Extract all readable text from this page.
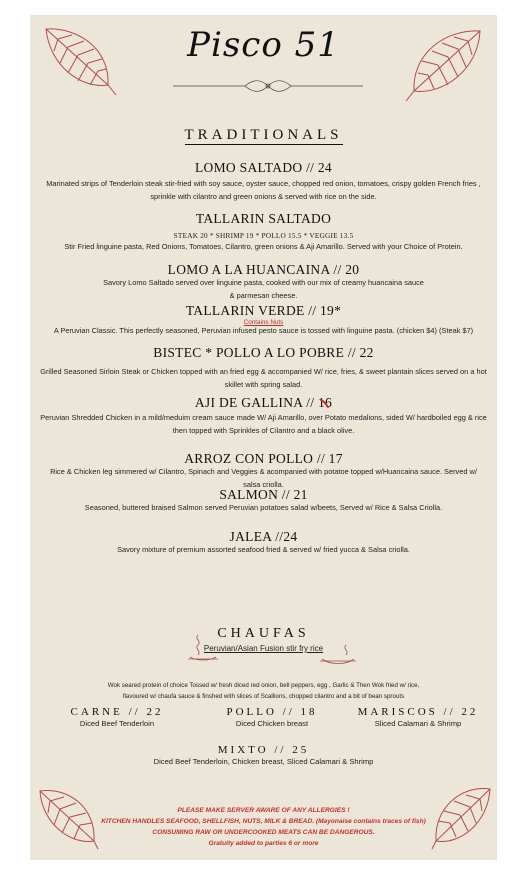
Pisco 51
TRADITIONALS
LOMO SALTADO // 24
Marinated strips of Tenderloin steak stir-fried with soy sauce, oyster sauce, chopped red onion, tomatoes, crispy golden French fries , sprinkle with cilantro and green onions & served with rice on the side.
TALLARIN SALTADO
STEAK 20 * SHRIMP 19 * POLLO 15.5 * VEGGIE 13.5
Stir Fried linguine pasta, Red Onions, Tomatoes, Cilantro, green onions & Aji Amarillo. Served with your Choice of Protein.
LOMO A LA HUANCAINA // 20
Savory Lomo Saltado served over linguine pasta, cooked with our mix of creamy huancaina sauce & parmesan cheese.
TALLARIN VERDE // 19*
Contains Nuts
A Peruvian Classic. This perfectly seasoned, Peruvian infused pesto sauce is tossed with linguine pasta. (chicken $4) (Steak $7)
BISTEC * POLLO A LO POBRE // 22
Grilled Seasoned Sirloin Steak or Chicken topped with an fried egg & accompanied W/ rice, fries, & sweet plantain slices served on a hot skillet with spring salad.
AJI DE GALLINA // 16
Peruvian Shredded Chicken in a mild/meduim cream sauce made W/ Aji Amarillo, over Potato medalions, sided W/ hardboiled egg & rice then topped with Sprinkles of Cilantro and a black olive.
ARROZ CON POLLO // 17
Rice & Chicken leg simmered w/ Cilantro, Spinach and Veggies & acompanied with potatoe topped w/Huancaina sauce. Served w/ salsa criolla.
SALMON // 21
Seasoned, buttered braised Salmon served Peruvian potatoes salad w/beets, Served w/ Rice & Salsa Criolla.
JALEA //24
Savory mixture of premium assorted seafood fried & served w/ fried yucca & Salsa criolla.
CHAUFAS
Peruvian/Asian Fusion stir fry rice
Wok seared protein of choice Tossed w/ fresh diced red onion, bell peppers, egg , Garlic & Then Wok fried w/ rice, flavoured w/ chaufa sauce & finshed with slices of Scallions, chopped cilantro and a bit of bean sprouts
CARNE // 22
Diced Beef Tenderloin
POLLO // 18
Diced Chicken breast
MARISCOS // 22
Sliced Calamari & Shrimp
MIXTO // 25
Diced Beef Tenderloin, Chicken breast, Sliced Calamari & Shrimp
PLEASE MAKE SERVER AWARE OF ANY ALLERGIES !
KITCHEN HANDLES SEAFOOD, SHELLFISH, NUTS, MILK & BREAD. (Mayonaise contains traces of fish)
CONSUMING RAW OR UNDERCOOKED MEATS CAN BE DANGEROUS.
Gratuity added to parties 6 or more
